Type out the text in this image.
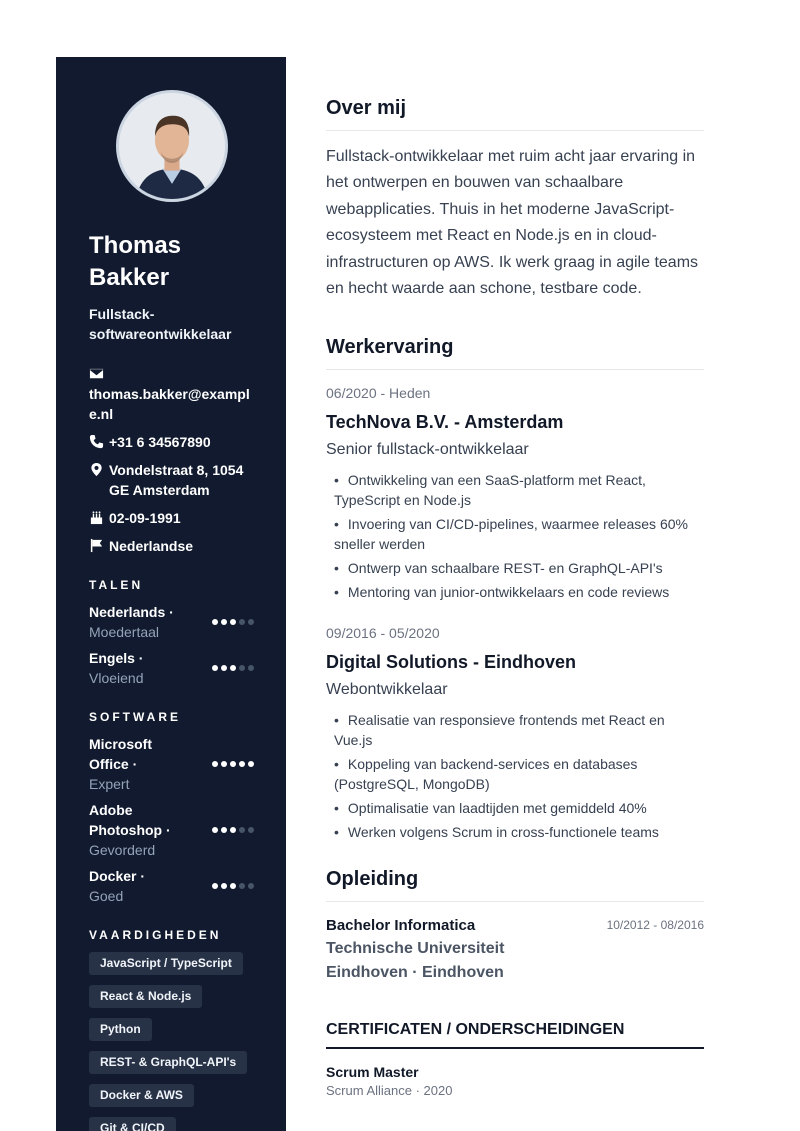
Thomas Bakker
Fullstack-softwareontwikkelaar
thomas.bakker@example.nl
+31 6 34567890
Vondelstraat 8, 1054 GE Amsterdam
02-09-1991
Nederlandse
TALEN
Nederlands ·
Moedertaal
Engels ·
Vloeiend
SOFTWARE
Microsoft Office ·
Expert
Adobe Photoshop ·
Gevorderd
Docker ·
Goed
VAARDIGHEDEN
JavaScript / TypeScript
React & Node.js
Python
REST- & GraphQL-API's
Docker & AWS
Git & CI/CD
Over mij

Fullstack-ontwikkelaar met ruim acht jaar ervaring in het ontwerpen en bouwen van schaalbare webapplicaties. Thuis in het moderne JavaScript-ecosysteem met React en Node.js en in cloud-infrastructuren op AWS. Ik werk graag in agile teams en hecht waarde aan schone, testbare code.

Werkervaring
06/2020 - Heden
TechNova B.V. - Amsterdam
Senior fullstack-ontwikkelaar
• Ontwikkeling van een SaaS-platform met React, TypeScript en Node.js
• Invoering van CI/CD-pipelines, waarmee releases 60% sneller werden
• Ontwerp van schaalbare REST- en GraphQL-API's
• Mentoring van junior-ontwikkelaars en code reviews
09/2016 - 05/2020
Digital Solutions - Eindhoven
Webontwikkelaar
• Realisatie van responsieve frontends met React en Vue.js
• Koppeling van backend-services en databases (PostgreSQL, MongoDB)
• Optimalisatie van laadtijden met gemiddeld 40%
• Werken volgens Scrum in cross-functionele teams
Opleiding
Bachelor Informatica
Technische Universiteit Eindhoven · Eindhoven
10/2012 - 08/2016
CERTIFICATEN / ONDERSCHEIDINGEN
Scrum Master
Scrum Alliance · 2020
